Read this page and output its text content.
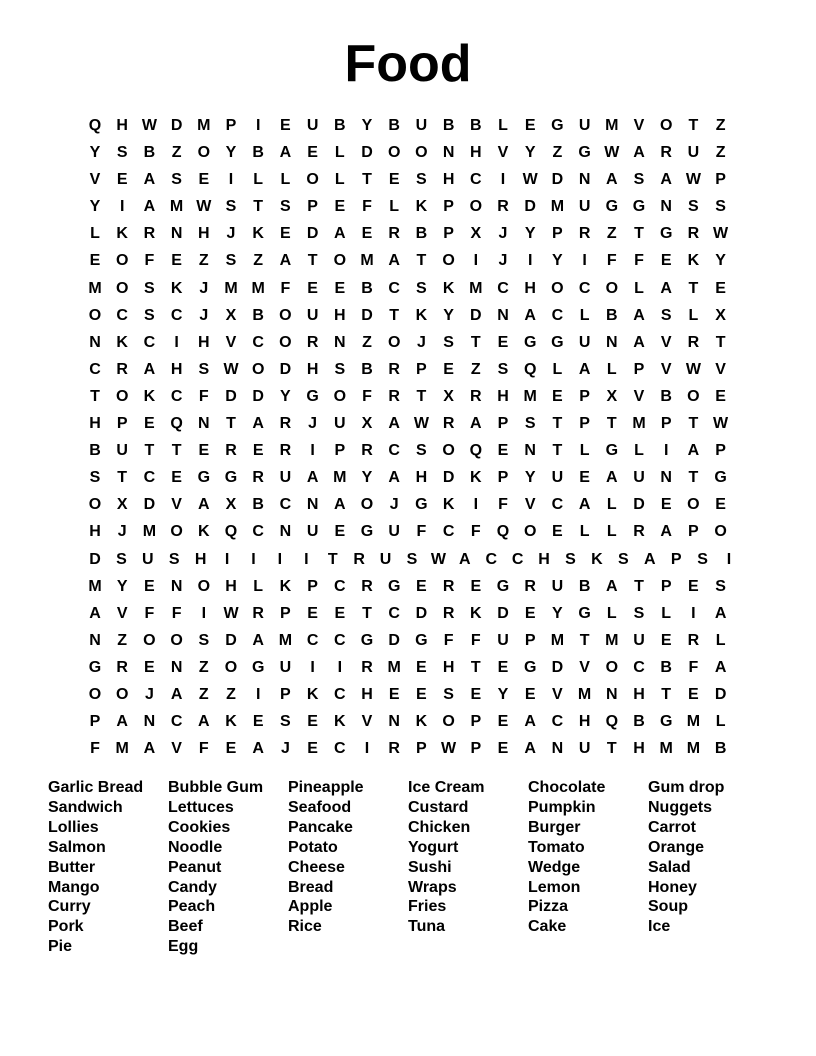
Food
Q H W D M P	I	E U B Y B U B B	L	E G U M V O	T	Z
Y S B	Z	O Y B A E	L	D O O N H V Y	Z	G W A R U	Z
V E A S E	I	L	L	O	L	T	E S H C	I	W D N A S A W P
Y	I	A M W S	T	S P E	F	L	K P O R D M U G G N S S
L	K R N H	J	K E D A E R B P X	J	Y P R	Z	T	G R W
E O	F	E	Z	S	Z	A	T	O M A	T	O	I	J	I	Y	I	F	F	E K Y
M O S K	J	M M F	E E B C S K M C H O C O	L	A	T	E
O C S C	J	X B O U H D	T	K Y D N A C	L	B A S	L	X
N K C	I	H V C O R N	Z	O	J	S	T	E G G U N A V R	T
C R A H S W O D H S B R P E	Z	S Q	L	A	L	P V W V
T	O K C	F	D D Y G O	F	R	T	X R H M E P X V B O E
H P E Q N	T	A R	J	U X A W R A P S	T	P	T M P	T W
B U	T	T	E R E R	I	P R C S O Q E N	T	L	G	L	I	A P
S	T	C E G G R U A M Y A H D K P Y U E A U N	T	G
O X D V A X B C N A O	J	G K	I	F	V C A	L	D E O E
H	J	M O K Q C N U E G U	F	C	F	Q O E	L	L	R A P O
D S U S H	I	I	I	I	T R U S W A C C H S K S A P S	I
M Y E N O H	L	K P C R G E R E G R U B A	T	P E S
A V	F	F	I	W R P E E	T	C D R K D E Y G	L	S	L	I	A
N	Z	O O S D A M C C G D G	F	F	U P M T M U E R	L
G R E N	Z	O G U	I	I	R M E H	T	E G D V O C B	F	A
O O	J	A	Z	Z	I	P K C H E E S E Y E V M N H	T	E D
P A N C A K E S E K V N K O P E A C H Q B G M L
F M A V	F	E A	J	E C	I	R P W P E A N U	T	H M M B
Garlic Bread
Sandwich
Lollies
Salmon
Butter
Mango
Curry
Pork
Pie
Bubble Gum
Lettuces
Cookies
Noodle
Peanut
Candy
Peach
Beef
Egg
Pineapple
Seafood
Pancake
Potato
Cheese
Bread
Apple
Rice
Ice Cream
Custard
Chicken
Yogurt
Sushi
Wraps
Fries
Tuna
Chocolate
Pumpkin
Burger
Tomato
Wedge
Lemon
Pizza
Cake
Gum drop
Nuggets
Carrot
Orange
Salad
Honey
Soup
Ice
